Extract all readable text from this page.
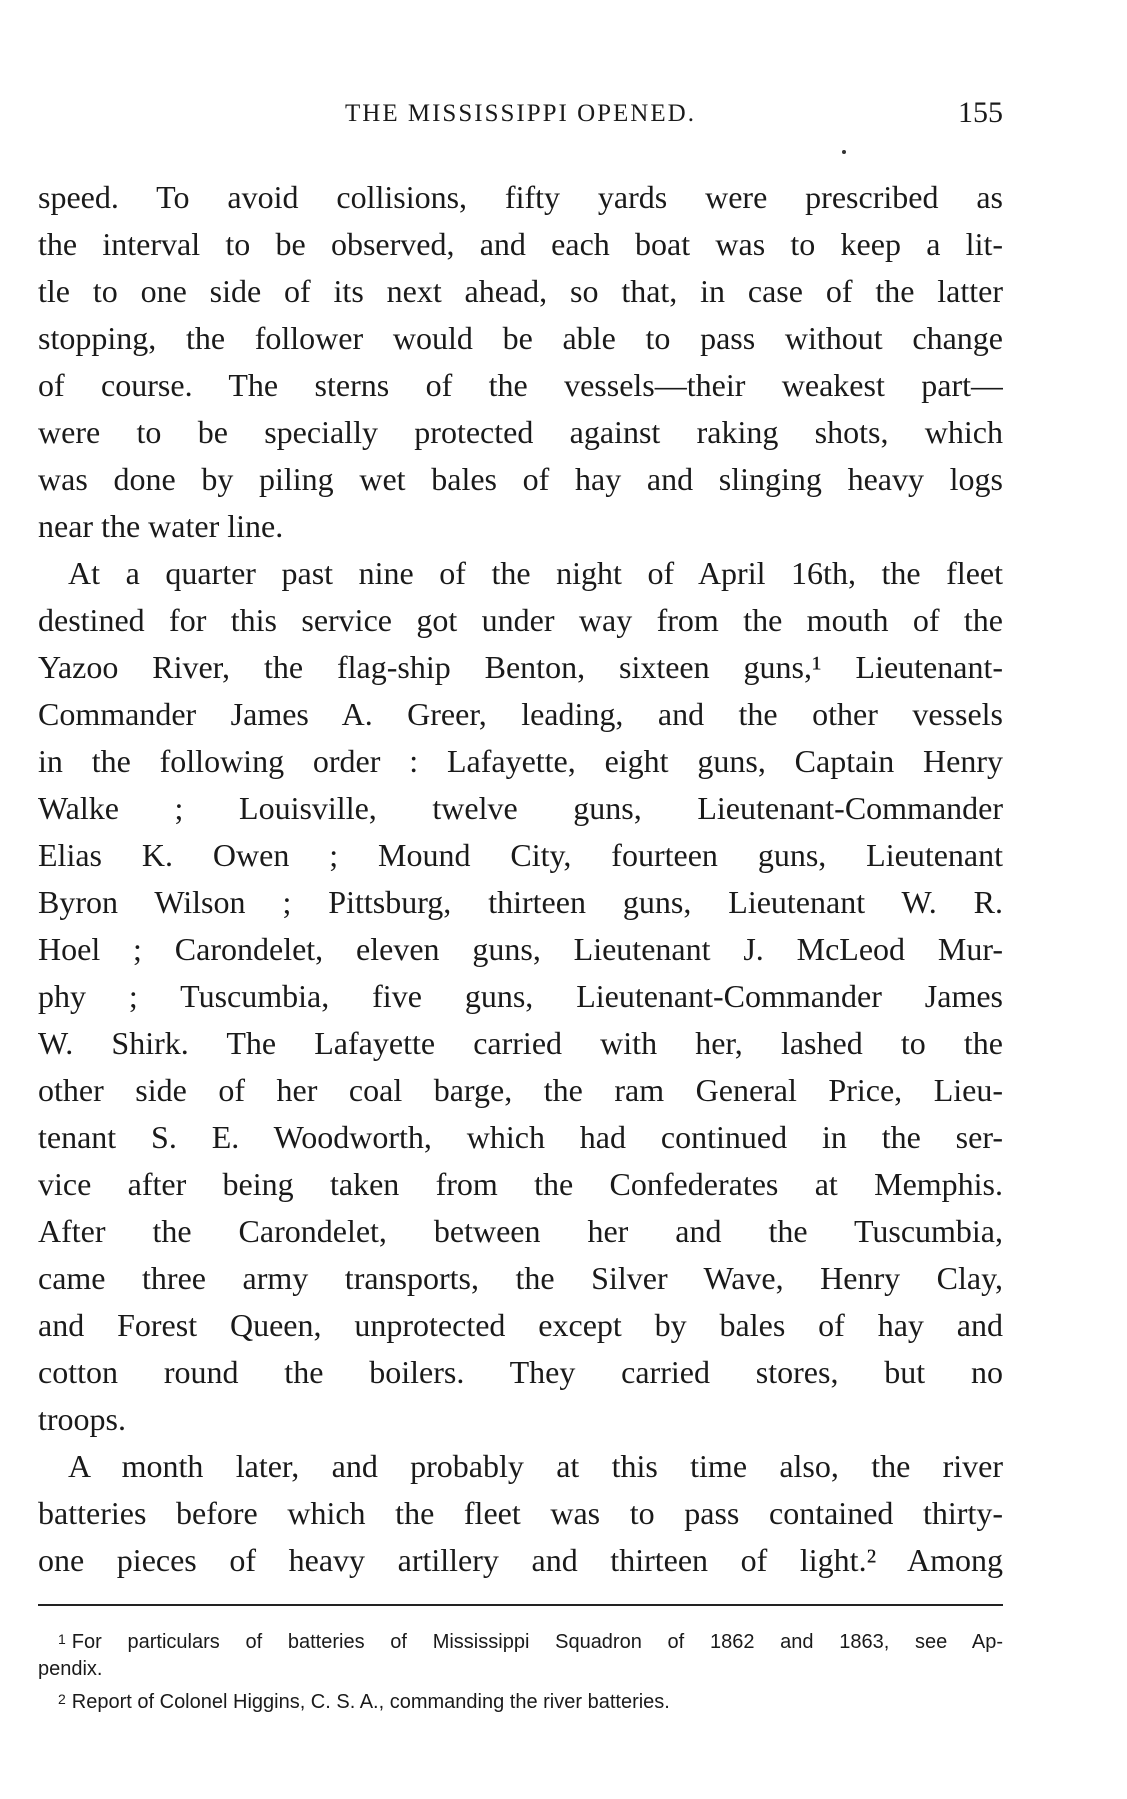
THE MISSISSIPPI OPENED.	155
speed. To avoid collisions, fifty yards were prescribed as
the interval to be observed, and each boat was to keep a lit-
tle to one side of its next ahead, so that, in case of the latter
stopping, the follower would be able to pass without change
of course. The sterns of the vessels—their weakest part—
were to be specially protected against raking shots, which
was done by piling wet bales of hay and slinging heavy logs
near the water line.
At a quarter past nine of the night of April 16th, the fleet
destined for this service got under way from the mouth of the
Yazoo River, the flag-ship Benton, sixteen guns,¹ Lieutenant-
Commander James A. Greer, leading, and the other vessels
in the following order : Lafayette, eight guns, Captain Henry
Walke ; Louisville, twelve guns, Lieutenant-Commander
Elias K. Owen ; Mound City, fourteen guns, Lieutenant
Byron Wilson ; Pittsburg, thirteen guns, Lieutenant W. R.
Hoel ; Carondelet, eleven guns, Lieutenant J. McLeod Mur-
phy ; Tuscumbia, five guns, Lieutenant-Commander James
W. Shirk. The Lafayette carried with her, lashed to the
other side of her coal barge, the ram General Price, Lieu-
tenant S. E. Woodworth, which had continued in the ser-
vice after being taken from the Confederates at Memphis.
After the Carondelet, between her and the Tuscumbia,
came three army transports, the Silver Wave, Henry Clay,
and Forest Queen, unprotected except by bales of hay and
cotton round the boilers. They carried stores, but no
troops.
A month later, and probably at this time also, the river
batteries before which the fleet was to pass contained thirty-
one pieces of heavy artillery and thirteen of light.² Among
$^1$ For particulars of batteries of Mississippi Squadron of 1862 and 1863, see Ap-
pendix.
$^2$ Report of Colonel Higgins, C. S. A., commanding the river batteries.
